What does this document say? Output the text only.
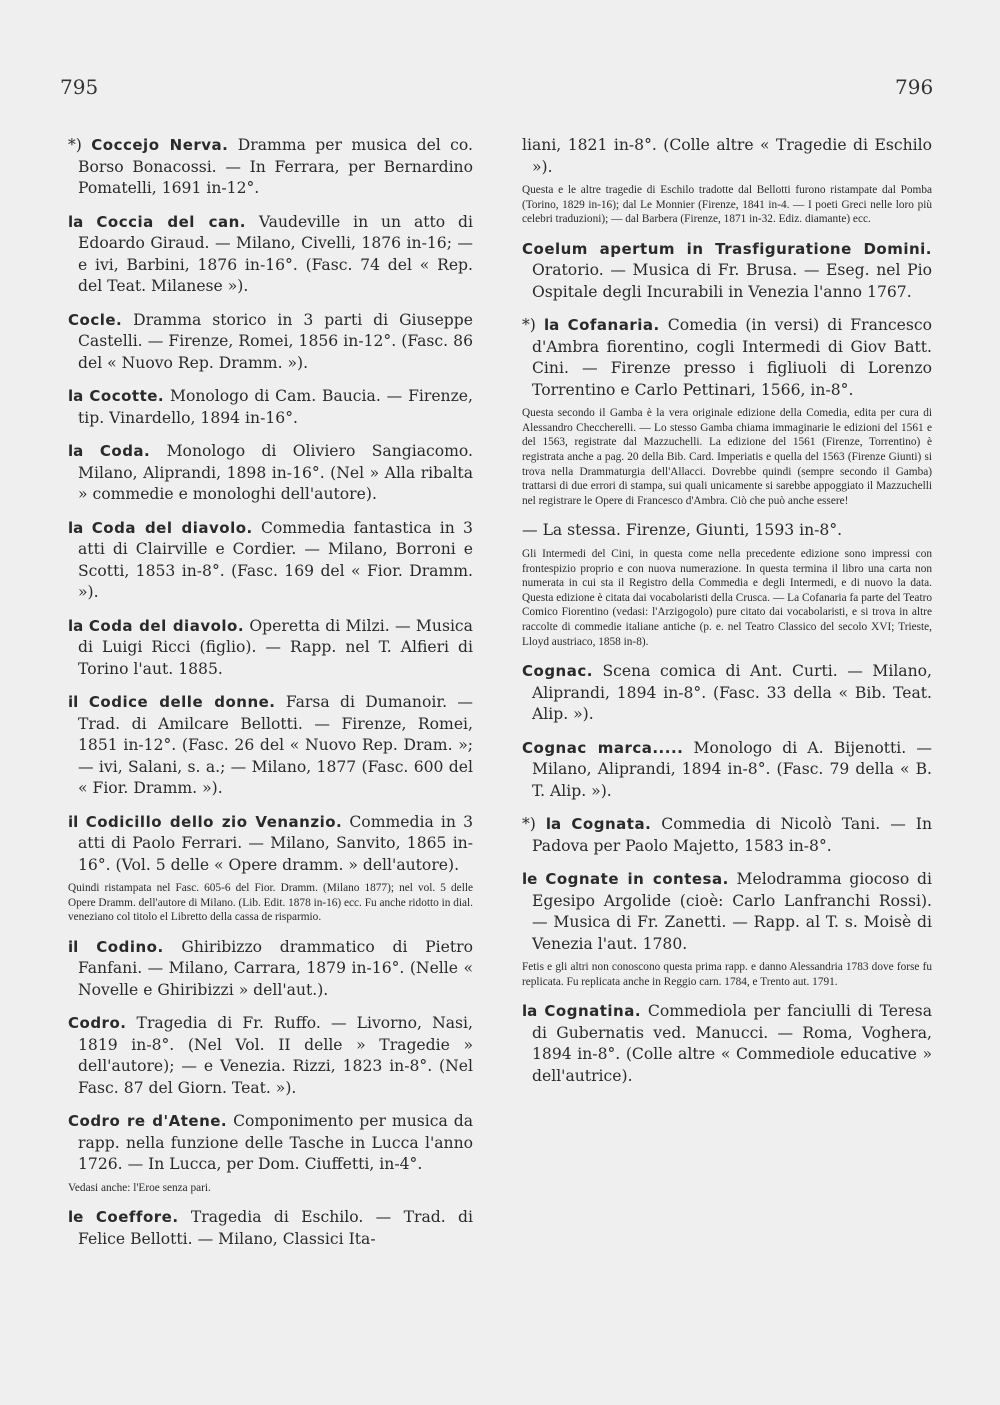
795	796

*) Coccejo Nerva. Dramma per musica del co. Borso Bonacossi. — In Ferrara, per Bernardino Pomatelli, 1691 in-12°.

la Coccia del can. Vaudeville in un atto di Edoardo Giraud. — Milano, Civelli, 1876 in-16; — e ivi, Barbini, 1876 in-16°. (Fasc. 74 del « Rep. del Teat. Milanese »).

Cocle. Dramma storico in 3 parti di Giuseppe Castelli. — Firenze, Romei, 1856 in-12°. (Fasc. 86 del « Nuovo Rep. Dramm. »).

la Cocotte. Monologo di Cam. Baucia. — Firenze, tip. Vinardello, 1894 in-16°.

la Coda. Monologo di Oliviero Sangiacomo. Milano, Aliprandi, 1898 in-16°. (Nel » Alla ribalta » commedie e monologhi dell'autore).

la Coda del diavolo. Commedia fantastica in 3 atti di Clairville e Cordier. — Milano, Borroni e Scotti, 1853 in-8°. (Fasc. 169 del « Fior. Dramm. »).

la Coda del diavolo. Operetta di Milzi. — Musica di Luigi Ricci (figlio). — Rapp. nel T. Alfieri di Torino l'aut. 1885.

il Codice delle donne. Farsa di Dumanoir. — Trad. di Amilcare Bellotti. — Firenze, Romei, 1851 in-12°. (Fasc. 26 del « Nuovo Rep. Dram. »; — ivi, Salani, s. a.; — Milano, 1877 (Fasc. 600 del « Fior. Dramm. »).

il Codicillo dello zio Venanzio. Commedia in 3 atti di Paolo Ferrari. — Milano, Sanvito, 1865 in-16°. (Vol. 5 delle « Opere dramm. » dell'autore).

Quindi ristampata nel Fasc. 605-6 del Fior. Dramm. (Milano 1877); nel vol. 5 delle Opere Dramm. dell'autore di Milano. (Lib. Edit. 1878 in-16) ecc. Fu anche ridotto in dial. veneziano col titolo el Libretto della cassa de risparmio.

il Codino. Ghiribizzo drammatico di Pietro Fanfani. — Milano, Carrara, 1879 in-16°. (Nelle « Novelle e Ghiribizzi » dell'aut.).

Codro. Tragedia di Fr. Ruffo. — Livorno, Nasi, 1819 in-8°. (Nel Vol. II delle » Tragedie » dell'autore); — e Venezia. Rizzi, 1823 in-8°. (Nel Fasc. 87 del Giorn. Teat. »).

Codro re d'Atene. Componimento per musica da rapp. nella funzione delle Tasche in Lucca l'anno 1726. — In Lucca, per Dom. Ciuffetti, in-4°.

Vedasi anche: l'Eroe senza pari.

le Coeffore. Tragedia di Eschilo. — Trad. di Felice Bellotti. — Milano, Classici Ita-

liani, 1821 in-8°. (Colle altre « Tragedie di Eschilo »).

Questa e le altre tragedie di Eschilo tradotte dal Bellotti furono ristampate dal Pomba (Torino, 1829 in-16); dal Le Monnier (Firenze, 1841 in-4. — I poeti Greci nelle loro più celebri traduzioni); — dal Barbera (Firenze, 1871 in-32. Ediz. diamante) ecc.

Coelum apertum in Trasfiguratione Domini. Oratorio. — Musica di Fr. Brusa. — Eseg. nel Pio Ospitale degli Incurabili in Venezia l'anno 1767.

*) la Cofanaria. Comedia (in versi) di Francesco d'Ambra fiorentino, cogli Intermedi di Giov Batt. Cini. — Firenze presso i figliuoli di Lorenzo Torrentino e Carlo Pettinari, 1566, in-8°.

Questa secondo il Gamba è la vera originale edizione della Comedia, edita per cura di Alessandro Checcherelli. — Lo stesso Gamba chiama immaginarie le edizioni del 1561 e del 1563, registrate dal Mazzuchelli. La edizione del 1561 (Firenze, Torrentino) è registrata anche a pag. 20 della Bib. Card. Imperiatis e quella del 1563 (Firenze Giunti) si trova nella Drammaturgia dell'Allacci. Dovrebbe quindi (sempre secondo il Gamba) trattarsi di due errori di stampa, sui quali unicamente si sarebbe appoggiato il Mazzuchelli nel registrare le Opere di Francesco d'Ambra. Ciò che può anche essere!

— La stessa. Firenze, Giunti, 1593 in-8°.

Gli Intermedi del Cini, in questa come nella precedente edizione sono impressi con frontespizio proprio e con nuova numerazione. In questa termina il libro una carta non numerata in cui sta il Registro della Commedia e degli Intermedi, e di nuovo la data. Questa edizione è citata dai vocabolaristi della Crusca. — La Cofanaria fa parte del Teatro Comico Fiorentino (vedasi: l'Arzigogolo) pure citato dai vocabolaristi, e si trova in altre raccolte di commedie italiane antiche (p. e. nel Teatro Classico del secolo XVI; Trieste, Lloyd austriaco, 1858 in-8).

Cognac. Scena comica di Ant. Curti. — Milano, Aliprandi, 1894 in-8°. (Fasc. 33 della « Bib. Teat. Alip. »).

Cognac marca..... Monologo di A. Bijenotti. — Milano, Aliprandi, 1894 in-8°. (Fasc. 79 della « B. T. Alip. »).

*) la Cognata. Commedia di Nicolò Tani. — In Padova per Paolo Majetto, 1583 in-8°.

le Cognate in contesa. Melodramma giocoso di Egesipo Argolide (cioè: Carlo Lanfranchi Rossi). — Musica di Fr. Zanetti. — Rapp. al T. s. Moisè di Venezia l'aut. 1780.

Fetis e gli altri non conoscono questa prima rapp. e danno Alessandria 1783 dove forse fu replicata. Fu replicata anche in Reggio carn. 1784, e Trento aut. 1791.

la Cognatina. Commediola per fanciulli di Teresa di Gubernatis ved. Manucci. — Roma, Voghera, 1894 in-8°. (Colle altre « Commediole educative » dell'autrice).
